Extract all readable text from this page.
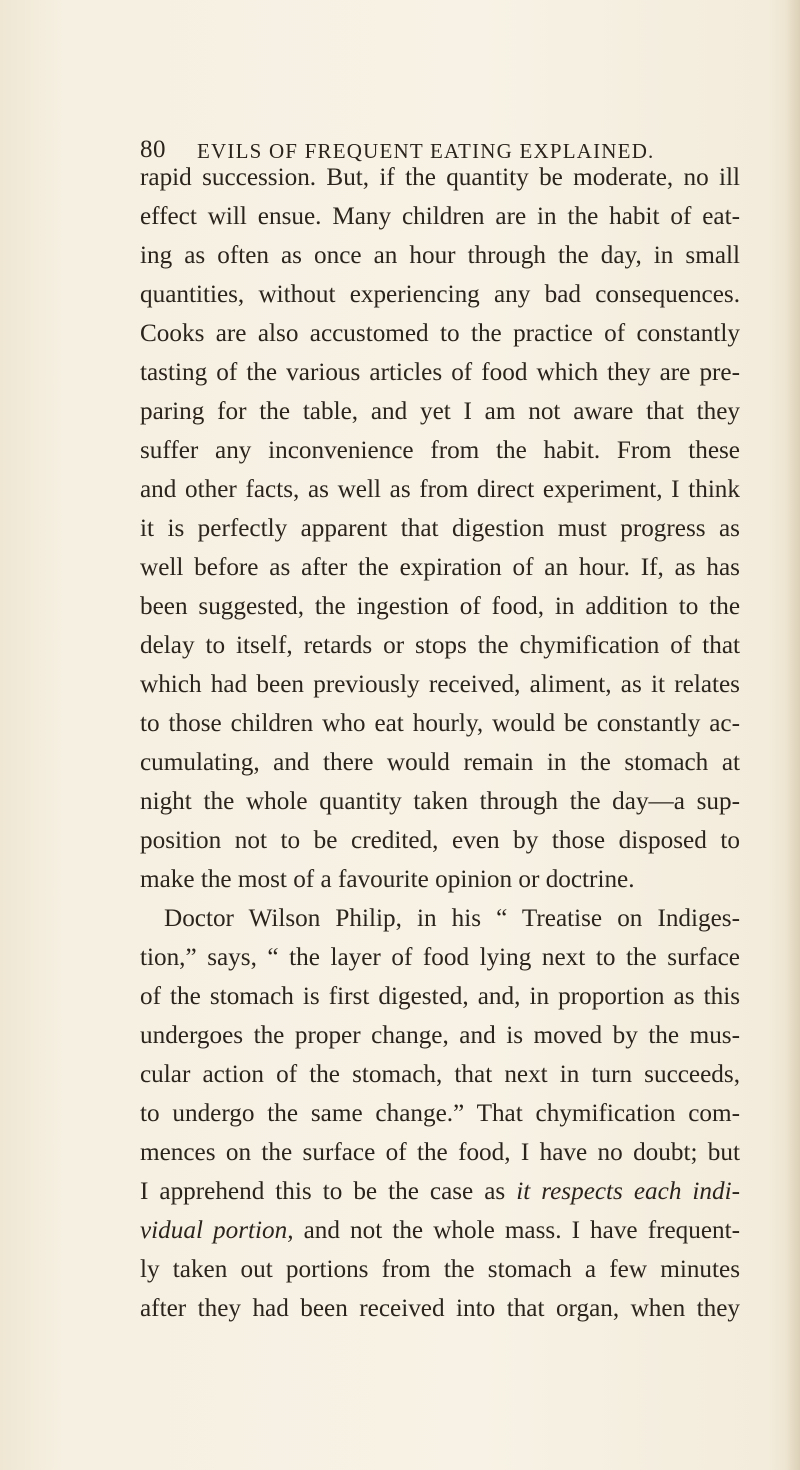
80 EVILS OF FREQUENT EATING EXPLAINED.
rapid succession. But, if the quantity be moderate, no ill
effect will ensue. Many children are in the habit of eat-
ing as often as once an hour through the day, in small
quantities, without experiencing any bad consequences.
Cooks are also accustomed to the practice of constantly
tasting of the various articles of food which they are pre-
paring for the table, and yet I am not aware that they
suffer any inconvenience from the habit. From these
and other facts, as well as from direct experiment, I think
it is perfectly apparent that digestion must progress as
well before as after the expiration of an hour. If, as has
been suggested, the ingestion of food, in addition to the
delay to itself, retards or stops the chymification of that
which had been previously received, aliment, as it relates
to those children who eat hourly, would be constantly ac-
cumulating, and there would remain in the stomach at
night the whole quantity taken through the day—a sup-
position not to be credited, even by those disposed to
make the most of a favourite opinion or doctrine.
Doctor Wilson Philip, in his “ Treatise on Indiges-
tion,” says, “ the layer of food lying next to the surface
of the stomach is first digested, and, in proportion as this
undergoes the proper change, and is moved by the mus-
cular action of the stomach, that next in turn succeeds,
to undergo the same change.” That chymification com-
mences on the surface of the food, I have no doubt; but
I apprehend this to be the case as it respects each indi-
vidual portion, and not the whole mass. I have frequent-
ly taken out portions from the stomach a few minutes
after they had been received into that organ, when they
